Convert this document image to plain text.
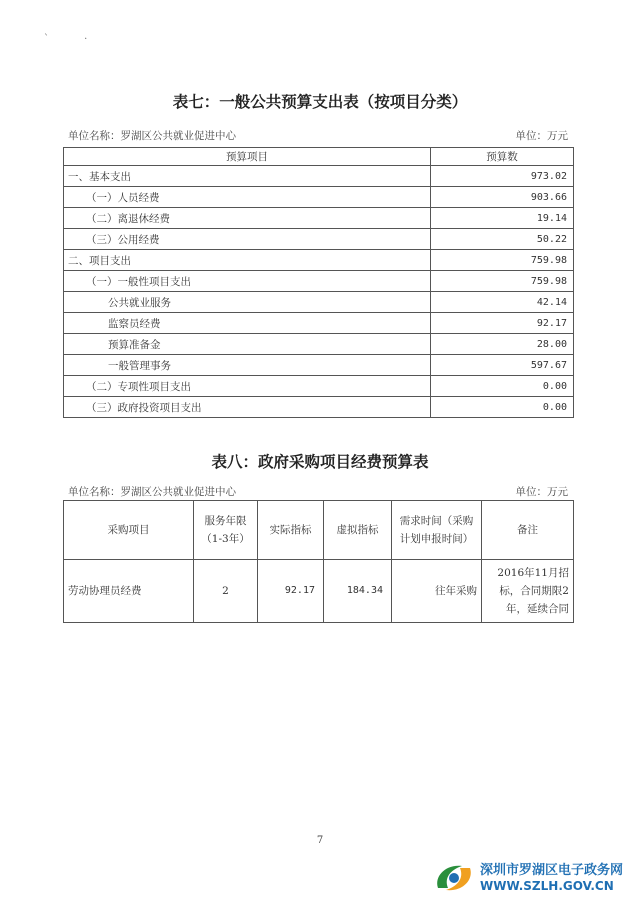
` ·
表七：一般公共预算支出表（按项目分类）
单位名称：罗湖区公共就业促进中心	单位：万元
预算项目	预算数
一、基本支出	973.02
（一）人员经费	903.66
（二）离退休经费	19.14
（三）公用经费	50.22
二、项目支出	759.98
（一）一般性项目支出	759.98
公共就业服务	42.14
监察员经费	92.17
预算准备金	28.00
一般管理事务	597.67
（二）专项性项目支出	0.00
（三）政府投资项目支出	0.00
表八：政府采购项目经费预算表
单位名称：罗湖区公共就业促进中心	单位：万元
采购项目	服务年限（1-3年）	实际指标	虚拟指标	需求时间（采购计划申报时间）	备注
劳动协理员经费	2	92.17	184.34	往年采购	2016年11月招标，合同期限2年，延续合同
7
深圳市罗湖区电子政务网
WWW.SZLH.GOV.CN
